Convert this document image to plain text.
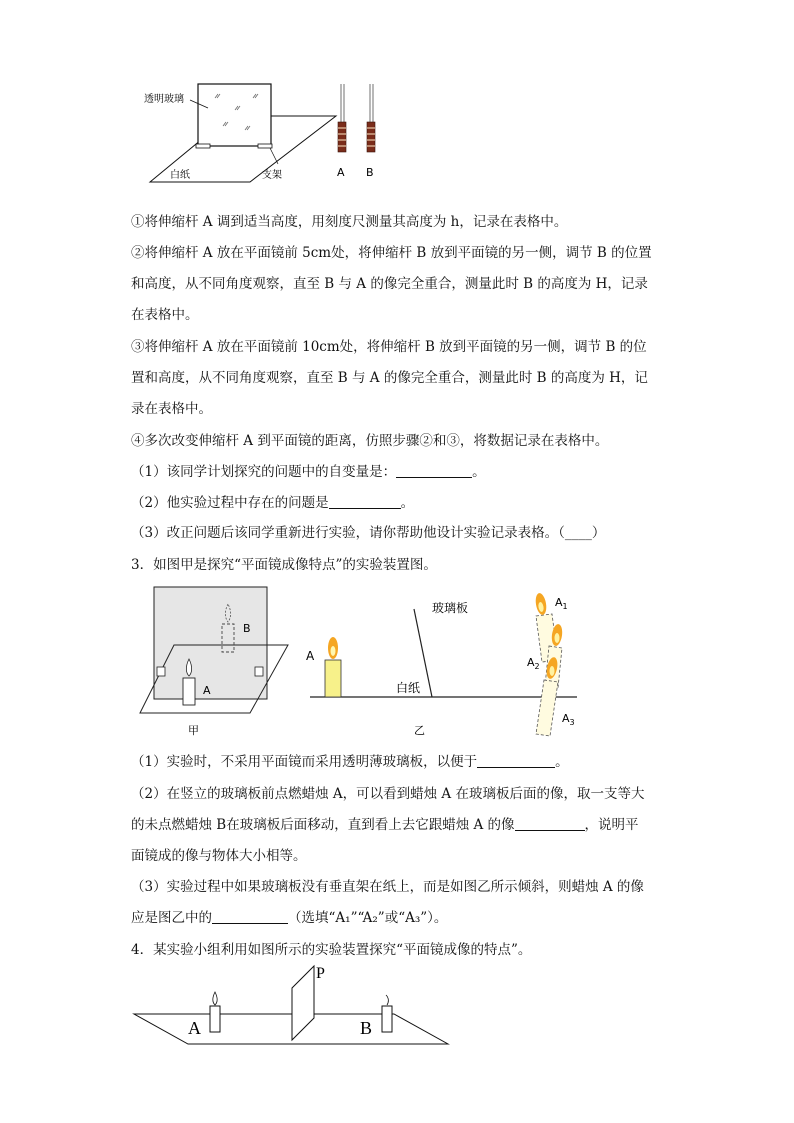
透明玻璃
白纸	支架	A B
①将伸缩杆 A 调到适当高度，用刻度尺测量其高度为 h，记录在表格中。
②将伸缩杆 A 放在平面镜前 5cm处，将伸缩杆 B 放到平面镜的另一侧，调节 B 的位置
和高度，从不同角度观察，直至 B 与 A 的像完全重合，测量此时 B 的高度为 H，记录
在表格中。
③将伸缩杆 A 放在平面镜前 10cm处，将伸缩杆 B 放到平面镜的另一侧，调节 B 的位
置和高度，从不同角度观察，直至 B 与 A 的像完全重合，测量此时 B 的高度为 H，记
录在表格中。
④多次改变伸缩杆 A 到平面镜的距离，仿照步骤②和③，将数据记录在表格中。
（1）该同学计划探究的问题中的自变量是：	。
（2）他实验过程中存在的问题是	。
（3）改正问题后该同学重新进行实验，请你帮助他设计实验记录表格。（____）
3．如图甲是探究“平面镜成像特点”的实验装置图。
B
A
甲
玻璃板
白纸
A
$A_1$
$A_2$
$A_3$
乙
（1）实验时，不采用平面镜而采用透明薄玻璃板，以便于	。
（2）在竖立的玻璃板前点燃蜡烛 A，可以看到蜡烛 A 在玻璃板后面的像，取一支等大
的未点燃蜡烛 B在玻璃板后面移动，直到看上去它跟蜡烛 A 的像	，说明平
面镜成的像与物体大小相等。
（3）实验过程中如果玻璃板没有垂直架在纸上，而是如图乙所示倾斜，则蜡烛 A 的像
应是图乙中的	（选填“A₁”“A₂”或“A₃”）。
4．某实验小组利用如图所示的实验装置探究“平面镜成像的特点”。
A	B
P
